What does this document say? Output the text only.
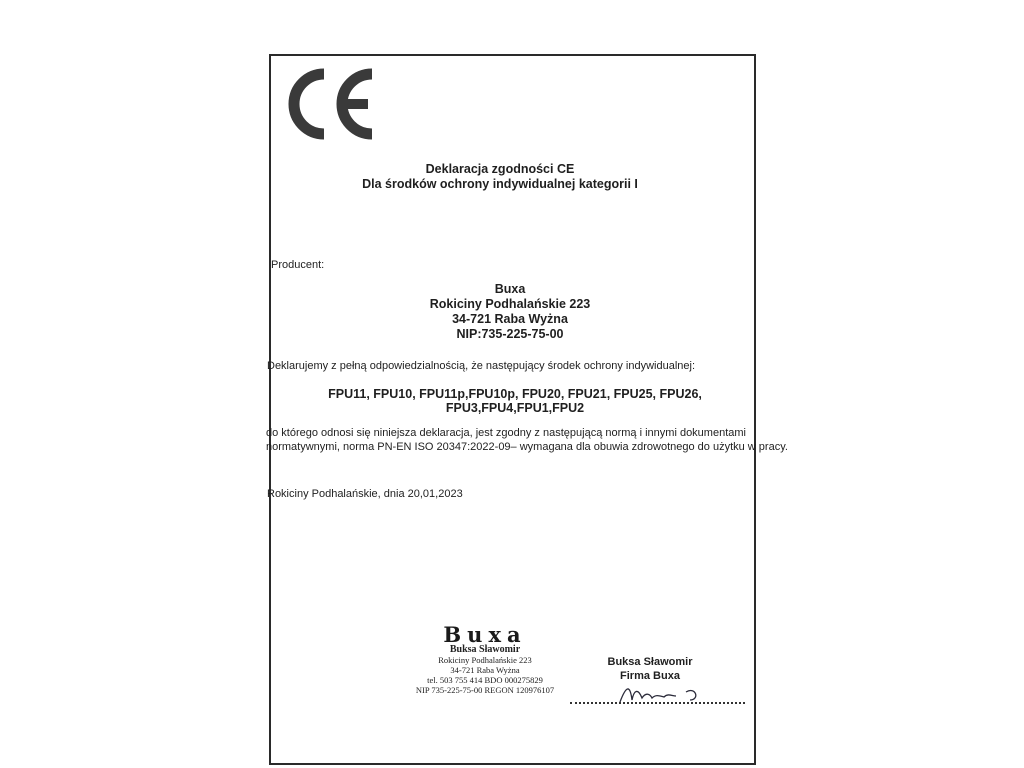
Deklaracja zgodności CE
Dla środków ochrony indywidualnej kategorii I
Producent:
Buxa
Rokiciny Podhalańskie 223
34-721 Raba Wyżna
NIP:735-225-75-00
Deklarujemy z pełną odpowiedzialnością, że następujący środek ochrony indywidualnej:
FPU11, FPU10, FPU11p,FPU10p, FPU20, FPU21, FPU25, FPU26,
FPU3,FPU4,FPU1,FPU2
do którego odnosi się niniejsza deklaracja, jest zgodny z następującą normą i innymi dokumentami
normatywnymi, norma PN-EN ISO 20347:2022-09– wymagana dla obuwia zdrowotnego do użytku w pracy.
Rokiciny Podhalańskie, dnia 20,01,2023
Buxa
Buksa Sławomir
Rokiciny Podhalańskie 223
34-721 Raba Wyżna
tel. 503 755 414 BDO 000275829
NIP 735-225-75-00 REGON 120976107
Buksa Sławomir
Firma Buxa
